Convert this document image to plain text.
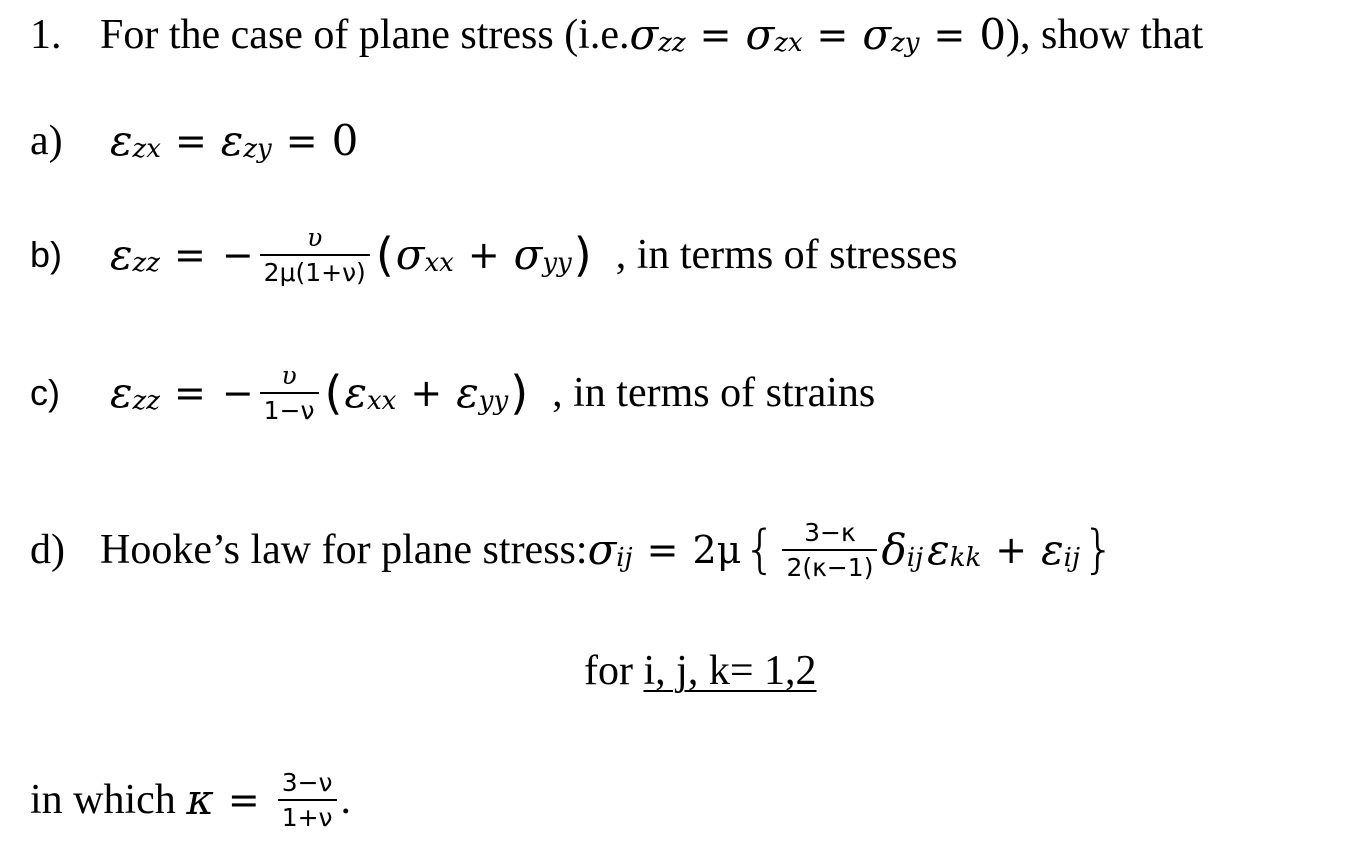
1. For the case of plane stress (i.e. σ zz = σ zx = σ zy = 0 ), show that
a)	ε zx = ε zy = 0
b)	ε zz = − $\frac{\upsilon}{2\mu(1+\nu)}$ ( σ xx + σ yy ) , in terms of stresses
c)	ε zz = − $\frac{\upsilon}{1-\nu}$ ( ε xx + ε yy ) , in terms of strains
d) Hooke’s law for plane stress: σ ij = 2μ { $\frac{3-\kappa}{2(\kappa-1)}$ δ ij ε kk + ε ij }
for i, j, k= 1,2
in which $\kappa = \frac{3-\nu}{1+\nu}$ .
